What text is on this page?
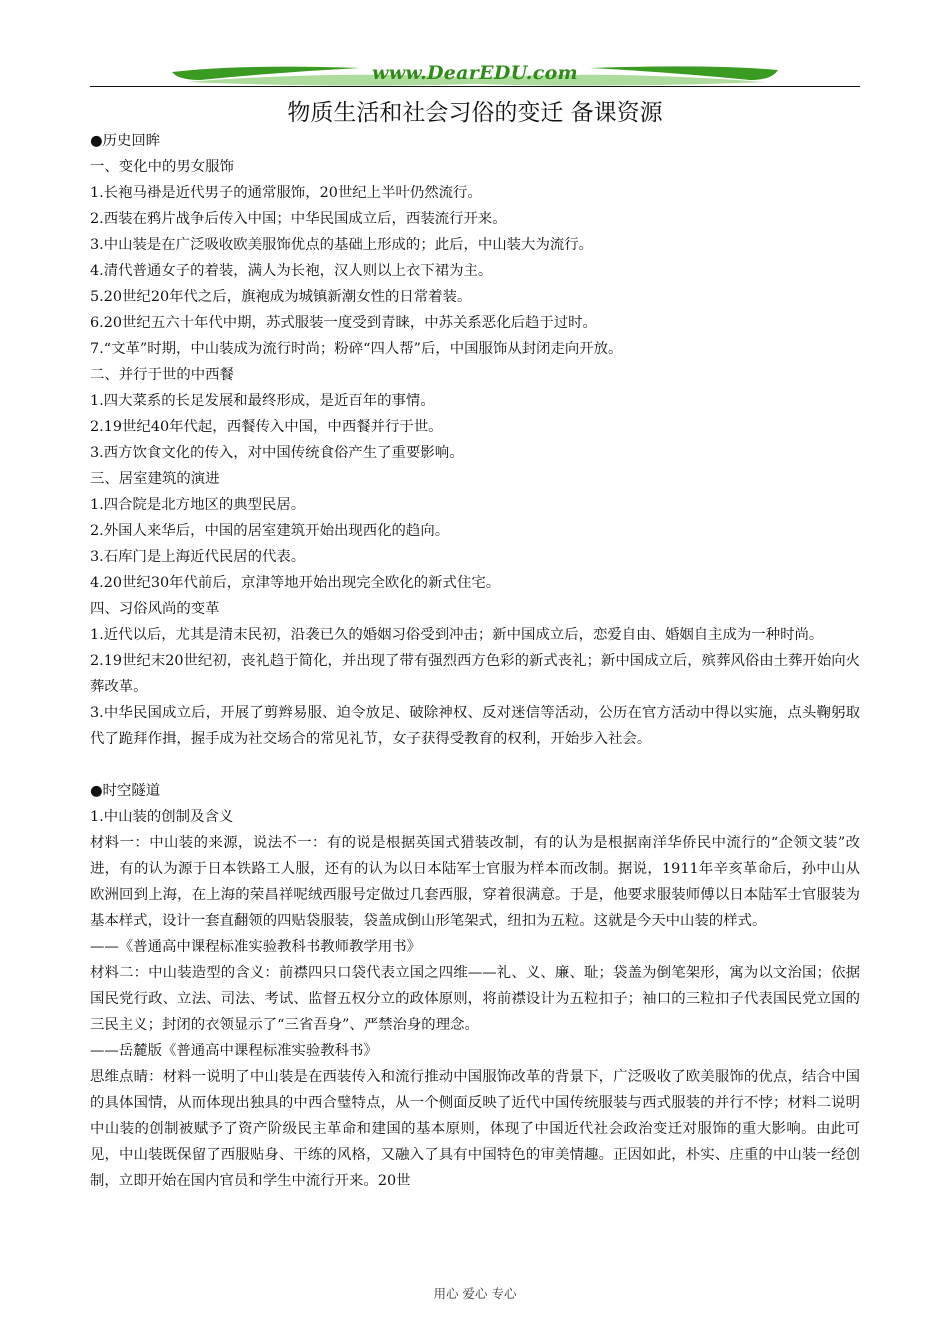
www.DearEDU.com
物质生活和社会习俗的变迁 备课资源

●历史回眸

一、变化中的男女服饰

1.长袍马褂是近代男子的通常服饰，20世纪上半叶仍然流行。

2.西装在鸦片战争后传入中国；中华民国成立后，西装流行开来。

3.中山装是在广泛吸收欧美服饰优点的基础上形成的；此后，中山装大为流行。

4.清代普通女子的着装，满人为长袍，汉人则以上衣下裙为主。

5.20世纪20年代之后，旗袍成为城镇新潮女性的日常着装。

6.20世纪五六十年代中期，苏式服装一度受到青睐，中苏关系恶化后趋于过时。

7.“文革”时期，中山装成为流行时尚；粉碎“四人帮”后，中国服饰从封闭走向开放。

二、并行于世的中西餐

1.四大菜系的长足发展和最终形成，是近百年的事情。

2.19世纪40年代起，西餐传入中国，中西餐并行于世。

3.西方饮食文化的传入，对中国传统食俗产生了重要影响。

三、居室建筑的演进

1.四合院是北方地区的典型民居。

2.外国人来华后，中国的居室建筑开始出现西化的趋向。

3.石库门是上海近代民居的代表。

4.20世纪30年代前后，京津等地开始出现完全欧化的新式住宅。

四、习俗风尚的变革

1.近代以后，尤其是清末民初，沿袭已久的婚姻习俗受到冲击；新中国成立后，恋爱自由、婚姻自主成为一种时尚。

2.19世纪末20世纪初，丧礼趋于简化，并出现了带有强烈西方色彩的新式丧礼；新中国成立后，殡葬风俗由土葬开始向火葬改革。

3.中华民国成立后，开展了剪辫易服、迫令放足、破除神权、反对迷信等活动，公历在官方活动中得以实施，点头鞠躬取代了跪拜作揖，握手成为社交场合的常见礼节，女子获得受教育的权利，开始步入社会。

●时空隧道

1.中山装的创制及含义

材料一：中山装的来源，说法不一：有的说是根据英国式猎装改制，有的认为是根据南洋华侨民中流行的“企领文装”改进，有的认为源于日本铁路工人服，还有的认为以日本陆军士官服为样本而改制。据说，1911年辛亥革命后，孙中山从欧洲回到上海，在上海的荣昌祥呢绒西服号定做过几套西服，穿着很满意。于是，他要求服装师傅以日本陆军士官服装为基本样式，设计一套直翻领的四贴袋服装，袋盖成倒山形笔架式，纽扣为五粒。这就是今天中山装的样式。

——《普通高中课程标准实验教科书教师教学用书》

材料二：中山装造型的含义：前襟四只口袋代表立国之四维——礼、义、廉、耻；袋盖为倒笔架形，寓为以文治国；依据国民党行政、立法、司法、考试、监督五权分立的政体原则，将前襟设计为五粒扣子；袖口的三粒扣子代表国民党立国的三民主义；封闭的衣领显示了“三省吾身”、严禁治身的理念。

——岳麓版《普通高中课程标准实验教科书》

思维点睛：材料一说明了中山装是在西装传入和流行推动中国服饰改革的背景下，广泛吸收了欧美服饰的优点，结合中国的具体国情，从而体现出独具的中西合璧特点，从一个侧面反映了近代中国传统服装与西式服装的并行不悖；材料二说明中山装的创制被赋予了资产阶级民主革命和建国的基本原则，体现了中国近代社会政治变迁对服饰的重大影响。由此可见，中山装既保留了西服贴身、干练的风格，又融入了具有中国特色的审美情趣。正因如此，朴实、庄重的中山装一经创制，立即开始在国内官员和学生中流行开来。20世

用心 爱心 专心
